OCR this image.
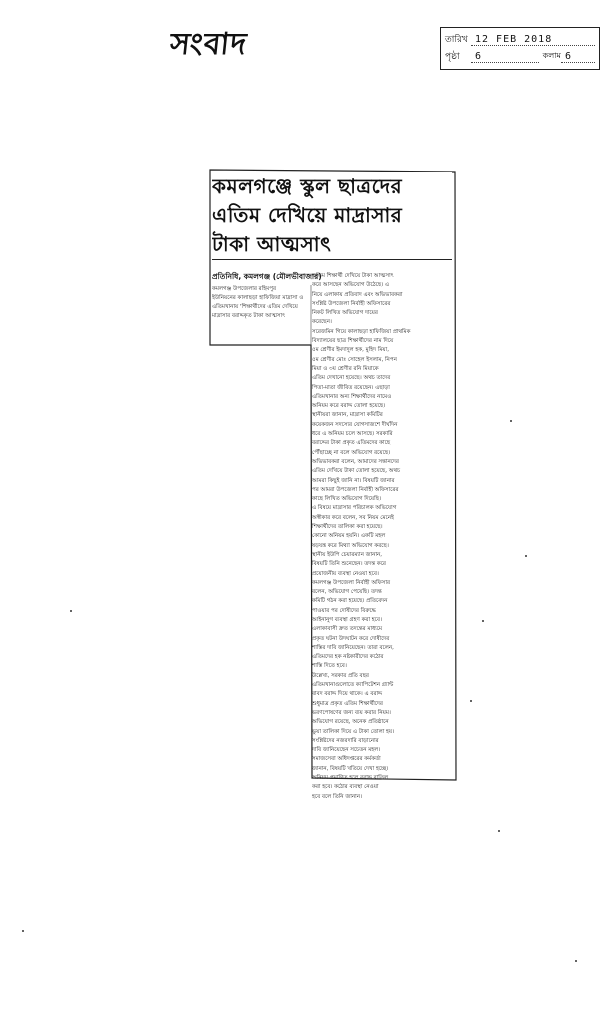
সংবাদ	তারিখ 12 FEB 2018
পৃষ্ঠা	6	কলাম 6
কমলগঞ্জে স্কুল ছাত্রদের
এতিম দেখিয়ে মাদ্রাসার
টাকা আত্মসাৎ
প্রতিনিধি, কমলগঞ্জ (মৌলভীবাজার)
কমলগঞ্জ উপজেলার রহিমপুর
ইউনিয়নের কালাছড়া হাফিজিয়া মাদ্রাসা ও
এতিমখানায় 'শিক্ষার্থীদের এতিম দেখিয়ে
মাদ্রাসার বরাদ্দকৃত টাকা আত্মসাৎ
এতিম শিক্ষার্থী দেখিয়ে টাকা আত্মসাৎ
করে আসছেন অভিযোগ উঠেছে। এ
নিয়ে এলাকায় প্রতিবাদ এবং অভিভাবকরা
সংশ্লিষ্ট উপজেলা নির্বাহী অফিসারের
নিকট লিখিত অভিযোগ দায়ের
করেছেন।
সরেজমিন গিয়ে কালাছড়া হাফিজিয়া প্রাথমিক
বিদ্যালয়ের ছাত্র শিক্ষার্থীদের নাম দিয়ে
৫ম শ্রেণীর ইমদাদুল হক, মুহিদ মিয়া,
৫ম শ্রেণীর মোঃ সোহেল ইসলাম, নিপন
মিয়া ও ৩য় শ্রেণীর রনি মিয়াকে
এতিম দেখানো হয়েছে। অথচ তাদের
পিতা-মাতা জীবিত রয়েছেন। এছাড়া
এতিমখানার অন্য শিক্ষার্থীদের নামেও
অনিয়ম করে বরাদ্দ তোলা হয়েছে।
স্থানীয়রা জানান, মাদ্রাসা কমিটির
কয়েকজন সদস্যের যোগসাজশে দীর্ঘদিন
ধরে এ অনিয়ম চলে আসছে। সরকারি
বরাদ্দের টাকা প্রকৃত এতিমদের কাছে
পৌঁছাচ্ছে না বলে অভিযোগ রয়েছে।
অভিভাবকরা বলেন, আমাদের সন্তানদের
এতিম দেখিয়ে টাকা তোলা হয়েছে, অথচ
আমরা কিছুই জানি না। বিষয়টি জানার
পর আমরা উপজেলা নির্বাহী অফিসারের
কাছে লিখিত অভিযোগ দিয়েছি।
এ বিষয়ে মাদ্রাসার পরিচালক অভিযোগ
অস্বীকার করে বলেন, সব নিয়ম মেনেই
শিক্ষার্থীদের তালিকা করা হয়েছে।
কোনো অনিয়ম হয়নি। একটি মহল
ষড়যন্ত্র করে মিথ্যা অভিযোগ করছে।
স্থানীয় ইউপি চেয়ারম্যান জানান,
বিষয়টি তিনি শুনেছেন। তদন্ত করে
প্রয়োজনীয় ব্যবস্থা নেওয়া হবে।
কমলগঞ্জ উপজেলা নির্বাহী অফিসার
বলেন, অভিযোগ পেয়েছি। তদন্ত
কমিটি গঠন করা হয়েছে। প্রতিবেদন
পাওয়ার পর দোষীদের বিরুদ্ধে
আইনানুগ ব্যবস্থা গ্রহণ করা হবে।
এলাকাবাসী দ্রুত তদন্তের মাধ্যমে
প্রকৃত ঘটনা উদঘাটন করে দোষীদের
শাস্তির দাবি জানিয়েছেন। তারা বলেন,
এতিমদের হক নষ্টকারীদের কঠোর
শাস্তি দিতে হবে।
উল্লেখ্য, সরকার প্রতি বছর
এতিমখানাগুলোতে ক্যাপিটেশন গ্র্যান্ট
বাবদ বরাদ্দ দিয়ে থাকে। এ বরাদ্দ
শুধুমাত্র প্রকৃত এতিম শিক্ষার্থীদের
ভরণপোষণের জন্য ব্যয় করার নিয়ম।
অভিযোগ রয়েছে, অনেক প্রতিষ্ঠানে
ভুয়া তালিকা দিয়ে এ টাকা তোলা হয়।
সংশ্লিষ্টদের নজরদারি বাড়ানোর
দাবি জানিয়েছেন সচেতন মহল।
সমাজসেবা অধিদপ্তরের কর্মকর্তা
জানান, বিষয়টি খতিয়ে দেখা হচ্ছে।
অনিয়ম প্রমাণিত হলে বরাদ্দ বাতিল
করা হবে। কঠোর ব্যবস্থা নেওয়া
হবে বলে তিনি জানান।
